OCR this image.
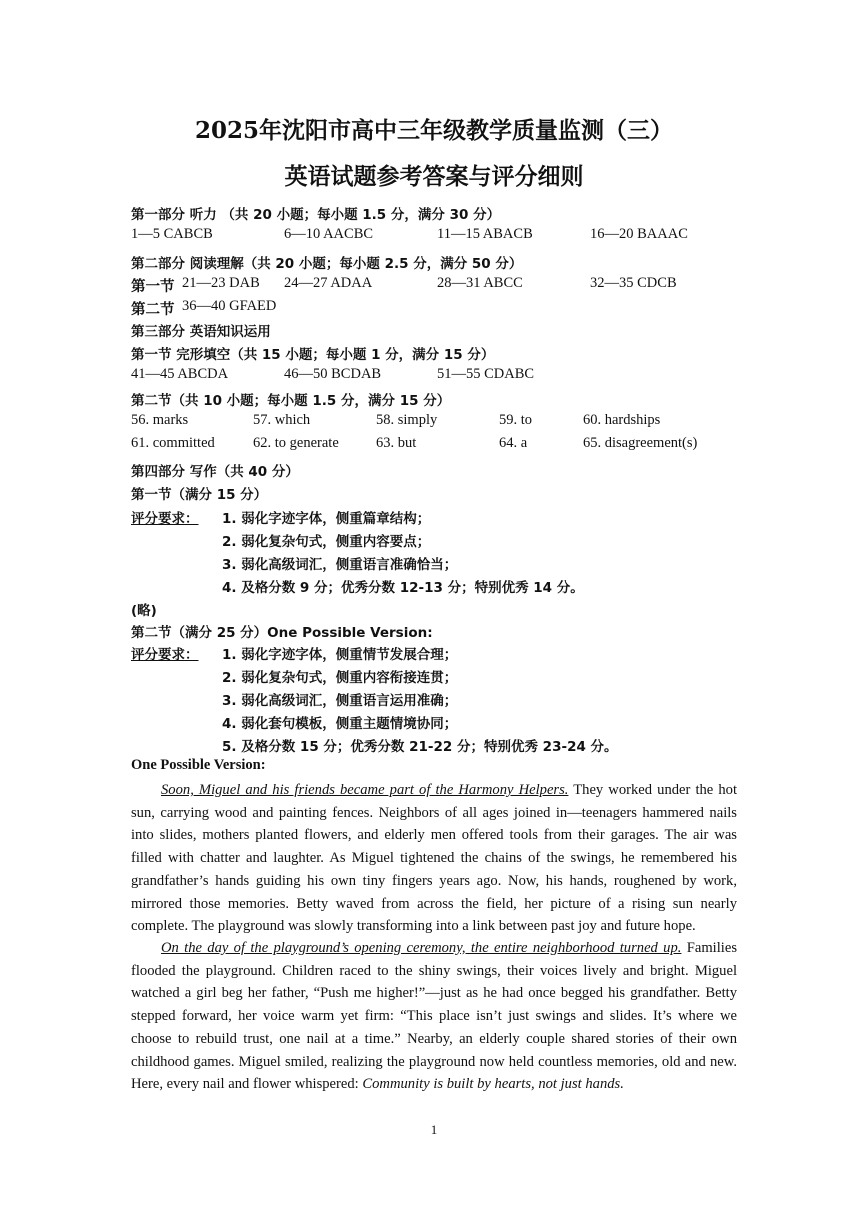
2025年沈阳市高中三年级教学质量监测（三）
英语试题参考答案与评分细则
第一部分 听力 （共 20 小题；每小题 1.5 分，满分 30 分）
1—5 CABCB	6—10 AACBC	11—15 ABACB	16—20 BAAAC
第二部分 阅读理解（共 20 小题；每小题 2.5 分，满分 50 分）
第一节 21—23 DAB 24—27 ADAA	28—31 ABCC	32—35 CDCB
第二节 36—40 GFAED
第三部分 英语知识运用
第一节 完形填空（共 15 小题；每小题 1 分，满分 15 分）
41—45 ABCDA	46—50 BCDAB	51—55 CDABC
第二节（共 10 小题；每小题 1.5 分，满分 15 分）
56. marks	57. which	58. simply	59. to	60. hardships
61. committed	62. to generate	63. but	64. a	65. disagreement(s)
第四部分 写作（共 40 分）
第一节（满分 15 分）
评分要求： 1. 弱化字迹字体，侧重篇章结构；
2. 弱化复杂句式，侧重内容要点；
3. 弱化高级词汇，侧重语言准确恰当；
4. 及格分数 9 分；优秀分数 12-13 分；特别优秀 14 分。
(略)
第二节（满分 25 分）One Possible Version:
评分要求： 1. 弱化字迹字体，侧重情节发展合理；
2. 弱化复杂句式，侧重内容衔接连贯；
3. 弱化高级词汇，侧重语言运用准确；
4. 弱化套句模板，侧重主题情境协同；
5. 及格分数 15 分；优秀分数 21-22 分；特别优秀 23-24 分。
One Possible Version:
Soon, Miguel and his friends became part of the Harmony Helpers. They worked under the hot sun, carrying wood and painting fences. Neighbors of all ages joined in—teenagers hammered nails into slides, mothers planted flowers, and elderly men offered tools from their garages. The air was filled with chatter and laughter. As Miguel tightened the chains of the swings, he remembered his grandfather’s hands guiding his own tiny fingers years ago. Now, his hands, roughened by work, mirrored those memories. Betty waved from across the field, her picture of a rising sun nearly complete. The playground was slowly transforming into a link between past joy and future hope.
On the day of the playground’s opening ceremony, the entire neighborhood turned up. Families flooded the playground. Children raced to the shiny swings, their voices lively and bright. Miguel watched a girl beg her father, “Push me higher!”—just as he had once begged his grandfather. Betty stepped forward, her voice warm yet firm: “This place isn’t just swings and slides. It’s where we choose to rebuild trust, one nail at a time.” Nearby, an elderly couple shared stories of their own childhood games. Miguel smiled, realizing the playground now held countless memories, old and new. Here, every nail and flower whispered: Community is built by hearts, not just hands.
1
